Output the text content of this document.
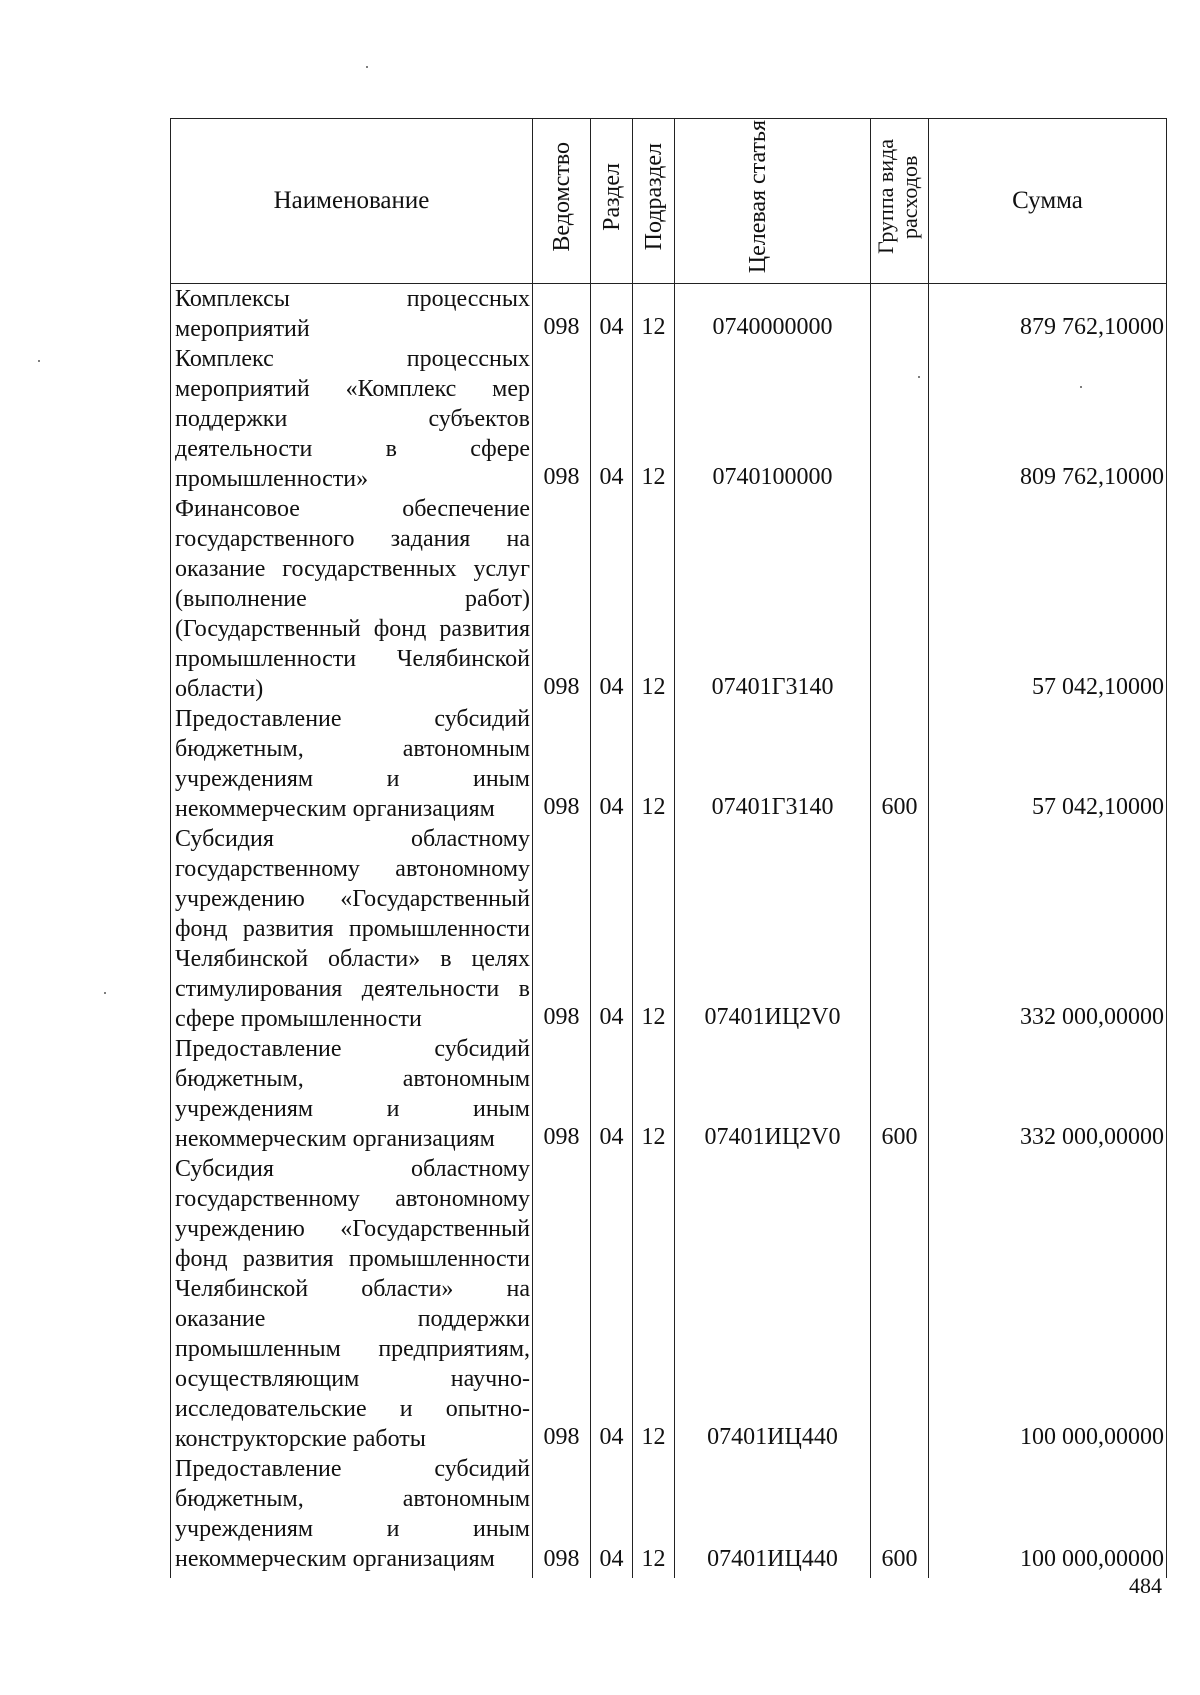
Наименование	Ведомство	Раздел	Подраздел	Целевая статья	Группа вида расходов	Сумма
Комплексы процессных мероприятий	098	04	12	0740000000		879 762,10000
Комплекс процессных мероприятий «Комплекс мер поддержки субъектов деятельности в сфере промышленности»	098	04	12	0740100000		809 762,10000
Финансовое обеспечение государственного задания на оказание государственных услуг (выполнение работ) (Государственный фонд развития промышленности Челябинской области)	098	04	12	07401Г3140		57 042,10000
Предоставление субсидий бюджетным, автономным учреждениям и иным некоммерческим организациям	098	04	12	07401Г3140	600	57 042,10000
Субсидия областному государственному автономному учреждению «Государственный фонд развития промышленности Челябинской области» в целях стимулирования деятельности в сфере промышленности	098	04	12	07401ИЦ2V0		332 000,00000
Предоставление субсидий бюджетным, автономным учреждениям и иным некоммерческим организациям	098	04	12	07401ИЦ2V0	600	332 000,00000
Субсидия областному государственному автономному учреждению «Государственный фонд развития промышленности Челябинской области» на оказание поддержки промышленным предприятиям, осуществляющим научно-исследовательские и опытно-конструкторские работы	098	04	12	07401ИЦ440		100 000,00000
Предоставление субсидий бюджетным, автономным учреждениям и иным некоммерческим организациям	098	04	12	07401ИЦ440	600	100 000,00000
484
